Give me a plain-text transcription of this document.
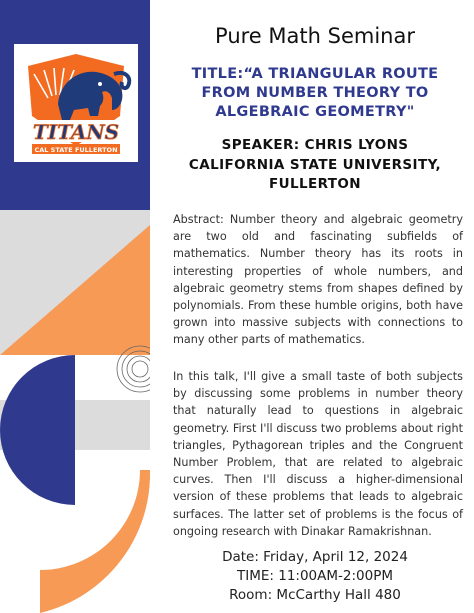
TITANS
CAL STATE FULLERTON
Pure Math Seminar
TITLE:“A TRIANGULAR ROUTE FROM NUMBER THEORY TO ALGEBRAIC GEOMETRY"
SPEAKER: CHRIS LYONS
CALIFORNIA STATE UNIVERSITY, FULLERTON

Abstract: Number theory and algebraic geometry are two old and fascinating subfields of mathematics. Number theory has its roots in interesting properties of whole numbers, and algebraic geometry stems from shapes defined by polynomials. From these humble origins, both have grown into massive subjects with connections to many other parts of mathematics.

In this talk, I'll give a small taste of both subjects by discussing some problems in number theory that naturally lead to questions in algebraic geometry. First I'll discuss two problems about right triangles, Pythagorean triples and the Congruent Number Problem, that are related to algebraic curves. Then I'll discuss a higher-dimensional version of these problems that leads to algebraic surfaces. The latter set of problems is the focus of ongoing research with Dinakar Ramakrishnan.

Date: Friday, April 12, 2024
TIME: 11:00AM-2:00PM
Room: McCarthy Hall 480
